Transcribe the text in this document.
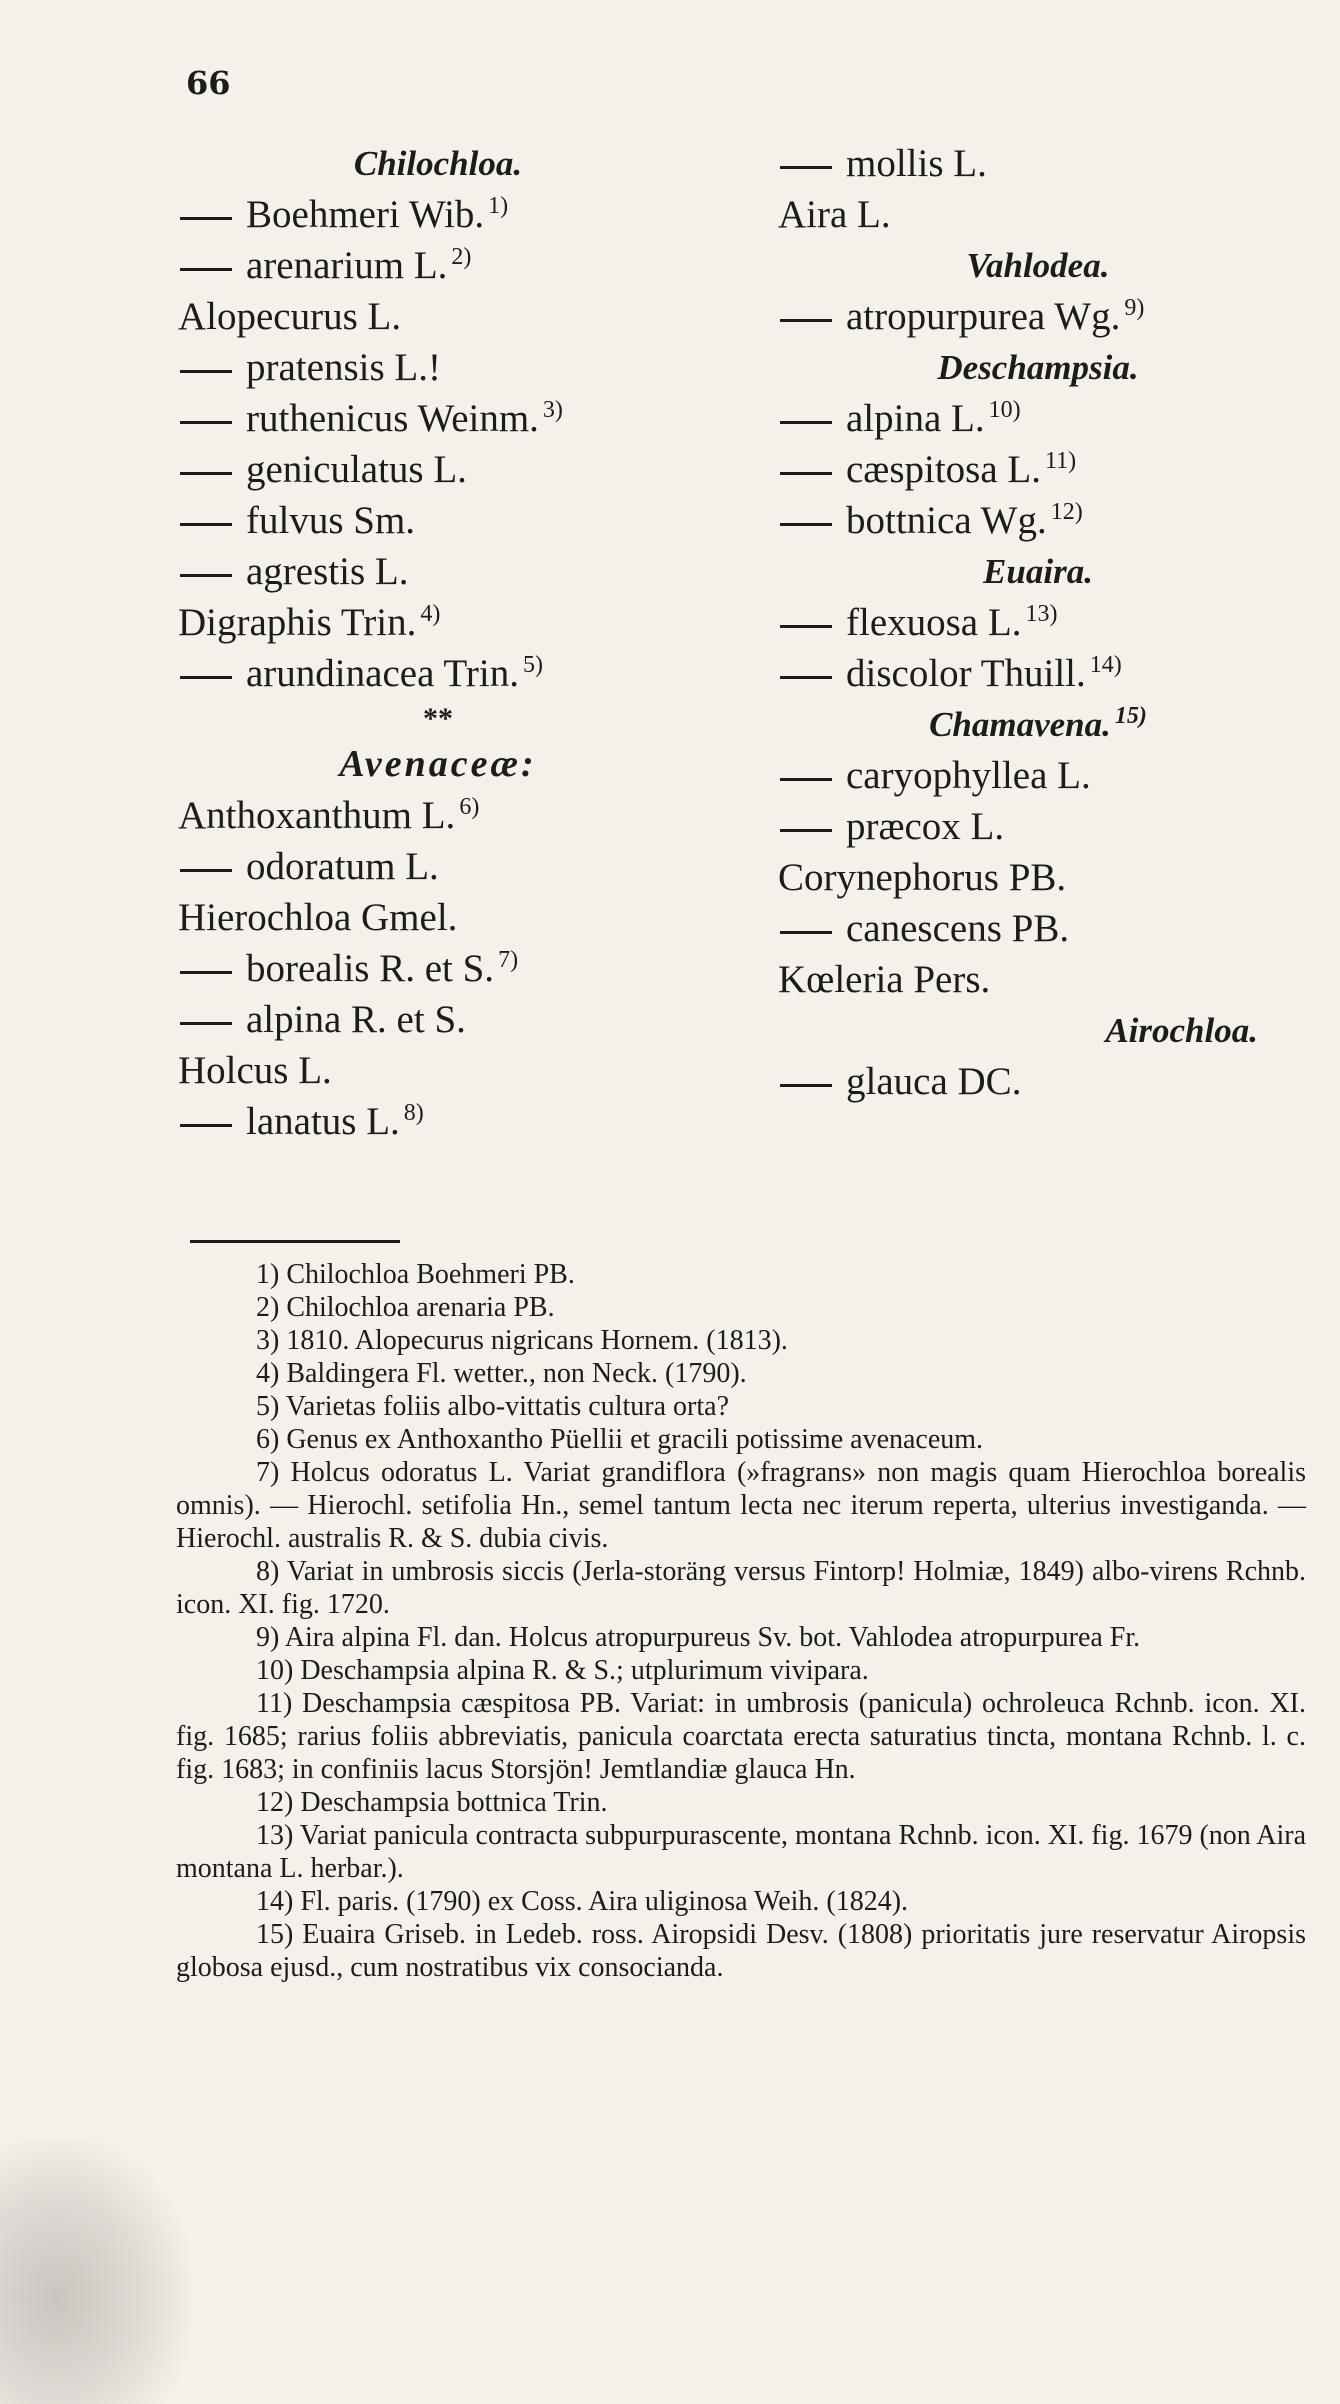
66
Chilochloa.
Boehmeri Wib. $^{1)}$
arenarium L. $^{2)}$
Alopecurus L.
pratensis L.!
ruthenicus Weinm. $^{3)}$
geniculatus L.
fulvus Sm.
agrestis L.
Digraphis Trin. $^{4)}$
arundinacea Trin. $^{5)}$
**
Avenaceæ:
Anthoxanthum L. $^{6)}$
odoratum L.
Hierochloa Gmel.
borealis R. et S. $^{7)}$
alpina R. et S.
Holcus L.
lanatus L. $^{8)}$
mollis L.
Aira L.
Vahlodea.
atropurpurea Wg. $^{9)}$
Deschampsia.
alpina L. $^{10)}$
cæspitosa L. $^{11)}$
bottnica Wg. $^{12)}$
Euaira.
flexuosa L. $^{13)}$
discolor Thuill. $^{14)}$
Chamavena. $^{15)}$
caryophyllea L.
præcox L.
Corynephorus PB.
canescens PB.
Kœleria Pers.
Airochloa.
glauca DC.

1) Chilochloa Boehmeri PB.

2) Chilochloa arenaria PB.

3) 1810. Alopecurus nigricans Hornem. (1813).

4) Baldingera Fl. wetter., non Neck. (1790).

5) Varietas foliis albo-vittatis cultura orta?

6) Genus ex Anthoxantho Püellii et gracili potissime avenaceum.

7) Holcus odoratus L. Variat grandiflora (»fragrans» non magis quam Hierochloa borealis omnis). — Hierochl. setifolia Hn., semel tantum lecta nec iterum reperta, ulterius investiganda. — Hierochl. australis R. & S. dubia civis.

8) Variat in umbrosis siccis (Jerla-storäng versus Fintorp! Holmiæ, 1849) albo-virens Rchnb. icon. XI. fig. 1720.

9) Aira alpina Fl. dan. Holcus atropurpureus Sv. bot. Vahlodea atropurpurea Fr.

10) Deschampsia alpina R. & S.; utplurimum vivipara.

11) Deschampsia cæspitosa PB. Variat: in umbrosis (panicula) ochroleuca Rchnb. icon. XI. fig. 1685; rarius foliis abbreviatis, panicula coarctata erecta saturatius tincta, montana Rchnb. l. c. fig. 1683; in confiniis lacus Storsjön! Jemtlandiæ glauca Hn.

12) Deschampsia bottnica Trin.

13) Variat panicula contracta subpurpurascente, montana Rchnb. icon. XI. fig. 1679 (non Aira montana L. herbar.).

14) Fl. paris. (1790) ex Coss. Aira uliginosa Weih. (1824).

15) Euaira Griseb. in Ledeb. ross. Airopsidi Desv. (1808) prioritatis jure reservatur Airopsis globosa ejusd., cum nostratibus vix consocianda.
